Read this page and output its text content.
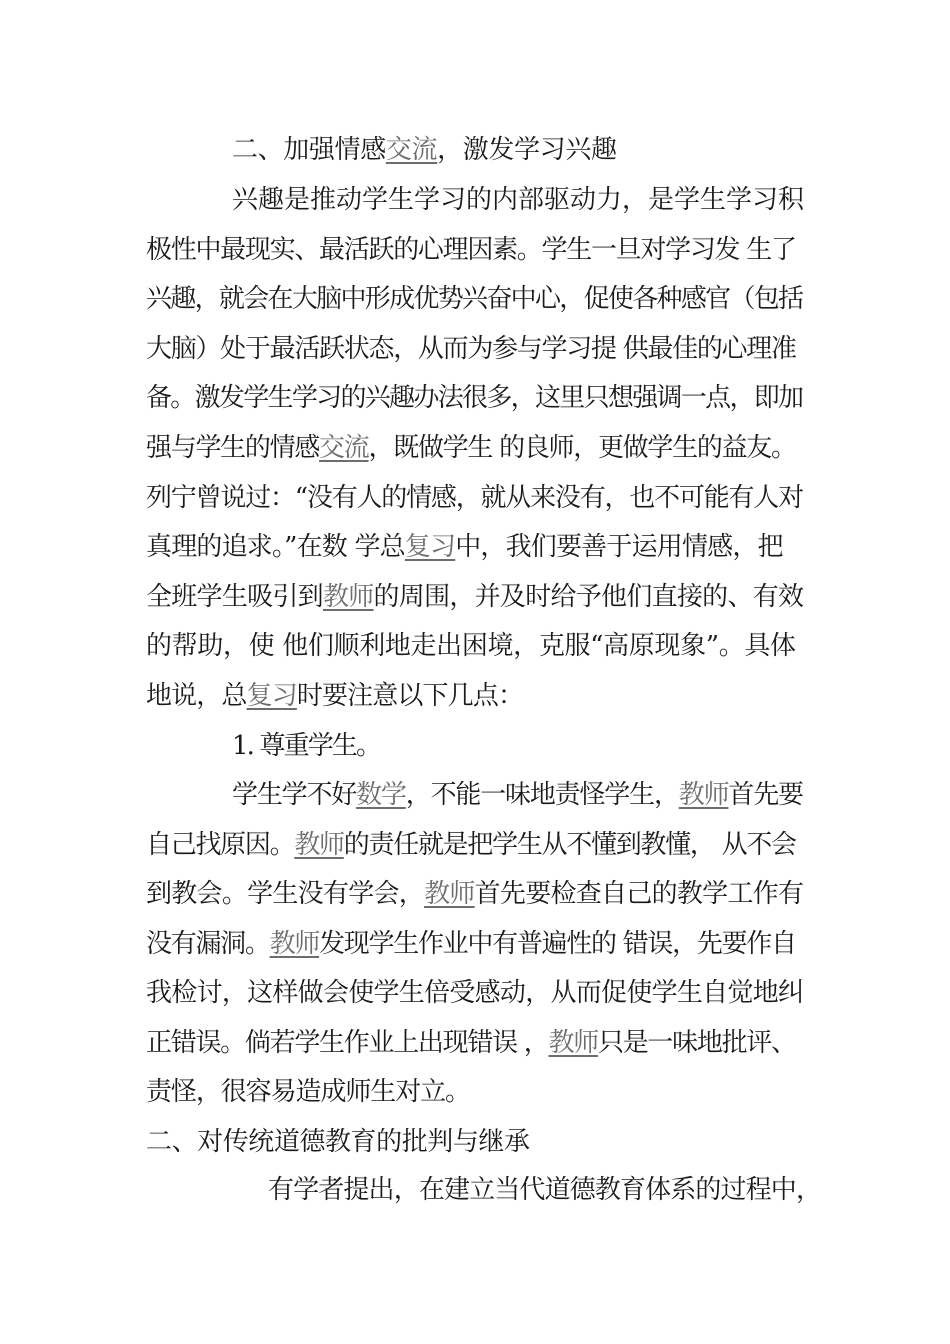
二、加强情感交流，激发学习兴趣
兴趣是推动学生学习的内部驱动力，是学生学习积
极性中最现实、最活跃的心理因素。学生一旦对学习发 生了
兴趣，就会在大脑中形成优势兴奋中心，促使各种感官（包括
大脑）处于最活跃状态，从而为参与学习提 供最佳的心理准
备。激发学生学习的兴趣办法很多，这里只想强调一点，即加
强与学生的情感交流，既做学生 的良师，更做学生的益友。
列宁曾说过：“没有人的情感，就从来没有，也不可能有人对
真理的追求。”在数 学总复习中，我们要善于运用情感，把
全班学生吸引到教师的周围，并及时给予他们直接的、有效
的帮助，使 他们顺利地走出困境，克服“高原现象”。具体
地说，总复习时要注意以下几点：
1. 尊重学生。
学生学不好数学，不能一味地责怪学生，教师首先要
自己找原因。教师的责任就是把学生从不懂到教懂， 从不会
到教会。学生没有学会，教师首先要检查自己的教学工作有
没有漏洞。教师发现学生作业中有普遍性的 错误，先要作自
我检讨，这样做会使学生倍受感动，从而促使学生自觉地纠
正错误。倘若学生作业上出现错误 ，教师只是一味地批评、
责怪，很容易造成师生对立。
二、对传统道德教育的批判与继承
有学者提出，在建立当代道德教育体系的过程中，
